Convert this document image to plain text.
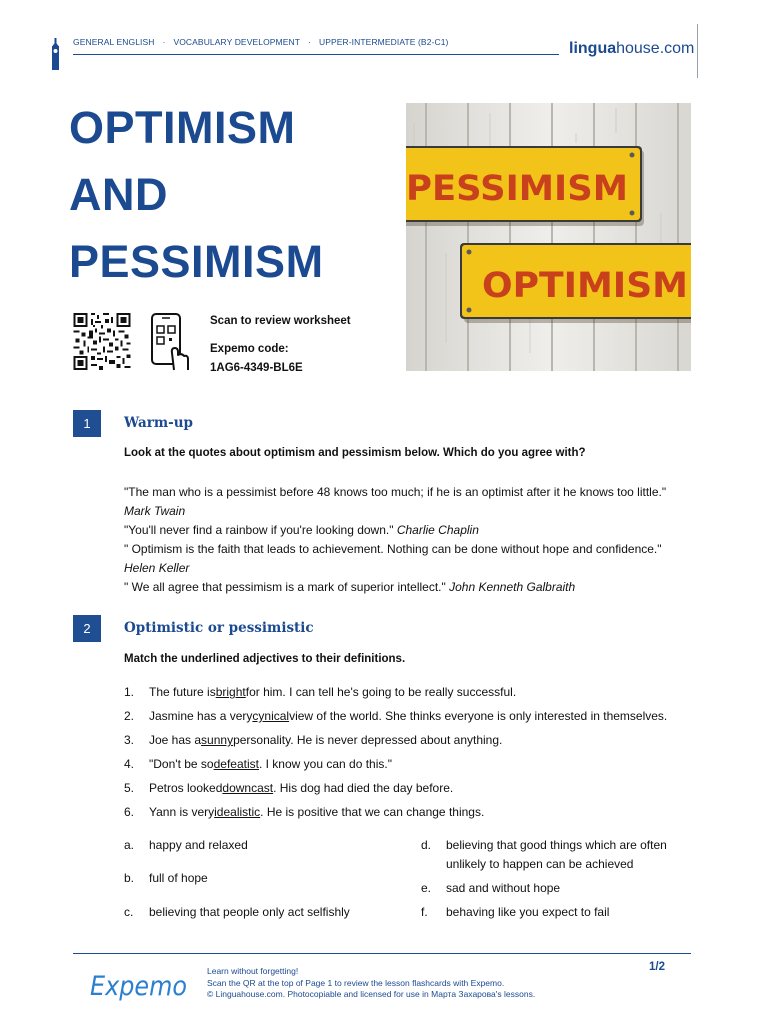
GENERAL ENGLISH · VOCABULARY DEVELOPMENT · UPPER-INTERMEDIATE (B2-C1)	linguahouse.com
OPTIMISM
AND
PESSIMISM
PESSIMISM
OPTIMISM
Scan to review worksheet
Expemo code:
1AG6-4349-BL6E
1	Warm-up
Look at the quotes about optimism and pessimism below. Which do you agree with?

"The man who is a pessimist before 48 knows too much; if he is an optimist after it he knows too little."

Mark Twain

"You'll never find a rainbow if you're looking down." Charlie Chaplin

" Optimism is the faith that leads to achievement. Nothing can be done without hope and confidence."

Helen Keller

" We all agree that pessimism is a mark of superior intellect." John Kenneth Galbraith

2	Optimistic or pessimistic
Match the underlined adjectives to their definitions.
1.	The future is bright for him. I can tell he's going to be really successful.
2.	Jasmine has a very cynical view of the world. She thinks everyone is only interested in themselves.
3.	Joe has a sunny personality. He is never depressed about anything.
4.	"Don't be so defeatist . I know you can do this."
5.	Petros looked downcast . His dog had died the day before.
6.	Yann is very idealistic . He is positive that we can change things.
a.	happy and relaxed
b.	full of hope
c.	believing that people only act selfishly
d.	believing that good things which are often unlikely to happen can be achieved
e.	sad and without hope
f.	behaving like you expect to fail
Expemo Learn without forgetting!
Scan the QR at the top of Page 1 to review the lesson flashcards with Expemo.
© Linguahouse.com. Photocopiable and licensed for use in Марта Захарова's lessons.
1/2
